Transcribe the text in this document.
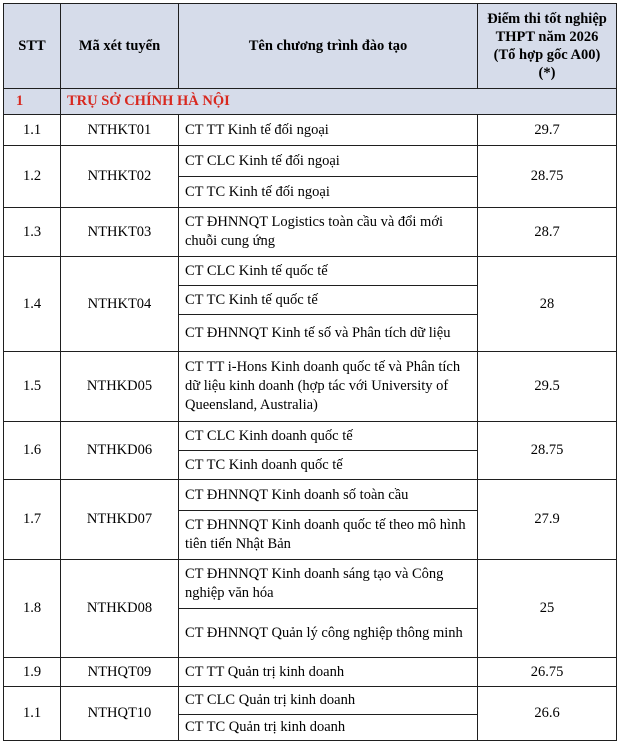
STT	Mã xét tuyển	Tên chương trình đào tạo	Điểm thi tốt nghiệp
THPT năm 2026
(Tổ hợp gốc A00)
(*)

1	TRỤ SỞ CHÍNH HÀ NỘI		
1.1	NTHKT01	CT TT Kinh tế đối ngoại	29.7
1.2	NTHKT02	CT CLC Kinh tế đối ngoại	28.75

		CT TC Kinh tế đối ngoại	

1.3	NTHKT03	CT ĐHNNQT Logistics toàn cầu và đổi mới chuỗi cung ứng	28.7
1.4	NTHKT04	CT CLC Kinh tế quốc tế	28

		CT TC Kinh tế quốc tế	

		CT ĐHNNQT Kinh tế số và Phân tích dữ liệu	

1.5	NTHKD05	CT TT i-Hons Kinh doanh quốc tế và Phân tích dữ liệu kinh doanh (hợp tác với University of Queensland, Australia)	29.5
1.6	NTHKD06	CT CLC Kinh doanh quốc tế	28.75

		CT TC Kinh doanh quốc tế	

1.7	NTHKD07	CT ĐHNNQT Kinh doanh số toàn cầu	27.9

		CT ĐHNNQT Kinh doanh quốc tế theo mô hình tiên tiến Nhật Bản	

1.8	NTHKD08	CT ĐHNNQT Kinh doanh sáng tạo và Công nghiệp văn hóa	25

		CT ĐHNNQT Quản lý công nghiệp thông minh	

1.9	NTHQT09	CT TT Quản trị kinh doanh	26.75
1.1	NTHQT10	CT CLC Quản trị kinh doanh	26.6

		CT TC Quản trị kinh doanh	
